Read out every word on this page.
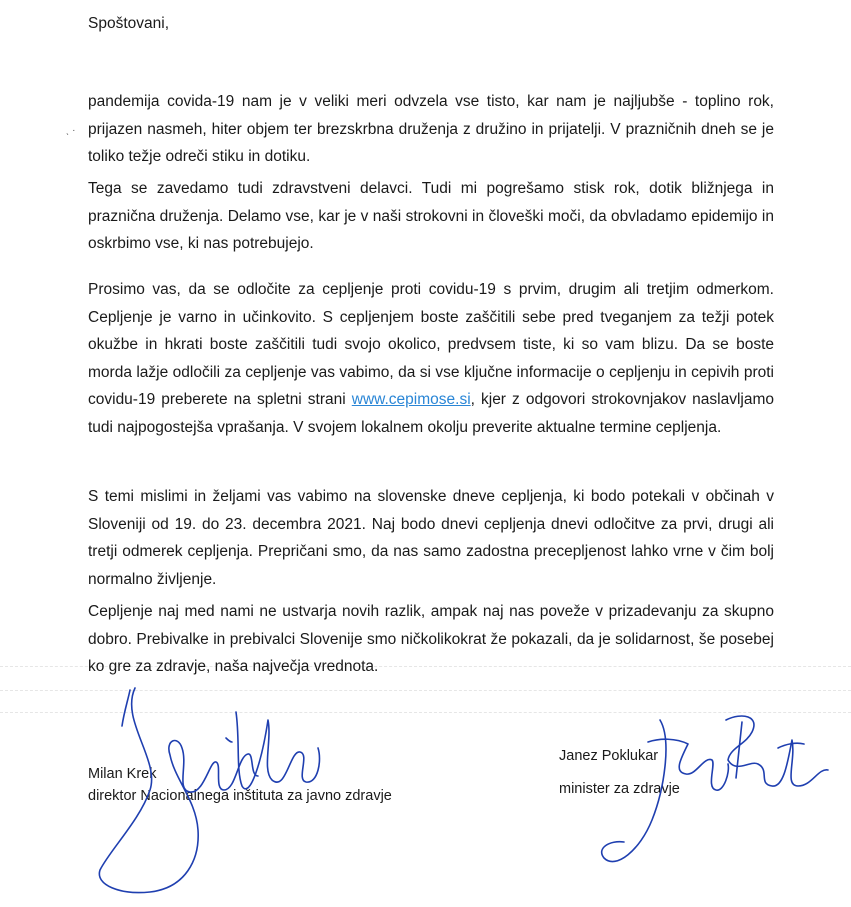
ˎ ·
Spoštovani,

pandemija covida-19 nam je v veliki meri odvzela vse tisto, kar nam je najljubše - toplino rok, prijazen nasmeh, hiter objem ter brezskrbna druženja z družino in prijatelji. V prazničnih dneh se je toliko težje odreči stiku in dotiku.

Tega se zavedamo tudi zdravstveni delavci. Tudi mi pogrešamo stisk rok, dotik bližnjega in praznična druženja. Delamo vse, kar je v naši strokovni in človeški moči, da obvladamo epidemijo in oskrbimo vse, ki nas potrebujejo.

Prosimo vas, da se odločite za cepljenje proti covidu-19 s prvim, drugim ali tretjim odmerkom. Cepljenje je varno in učinkovito. S cepljenjem boste zaščitili sebe pred tveganjem za težji potek okužbe in hkrati boste zaščitili tudi svojo okolico, predvsem tiste, ki so vam blizu. Da se boste morda lažje odločili za cepljenje vas vabimo, da si vse ključne informacije o cepljenju in cepivih proti covidu-19 preberete na spletni strani www.cepimose.si, kjer z odgovori strokovnjakov naslavljamo tudi najpogostejša vprašanja. V svojem lokalnem okolju preverite aktualne termine cepljenja.

S temi mislimi in željami vas vabimo na slovenske dneve cepljenja, ki bodo potekali v občinah v Sloveniji od 19. do 23. decembra 2021. Naj bodo dnevi cepljenja dnevi odločitve za prvi, drugi ali tretji odmerek cepljenja. Prepričani smo, da nas samo zadostna precepljenost lahko vrne v čim bolj normalno življenje.

Cepljenje naj med nami ne ustvarja novih razlik, ampak naj nas poveže v prizadevanju za skupno dobro. Prebivalke in prebivalci Slovenije smo ničkolikokrat že pokazali, da je solidarnost, še posebej ko gre za zdravje, naša največja vrednota.

Milan Krek
direktor Nacionalnega inštituta za javno zdravje
Janez Poklukar
minister za zdravje
